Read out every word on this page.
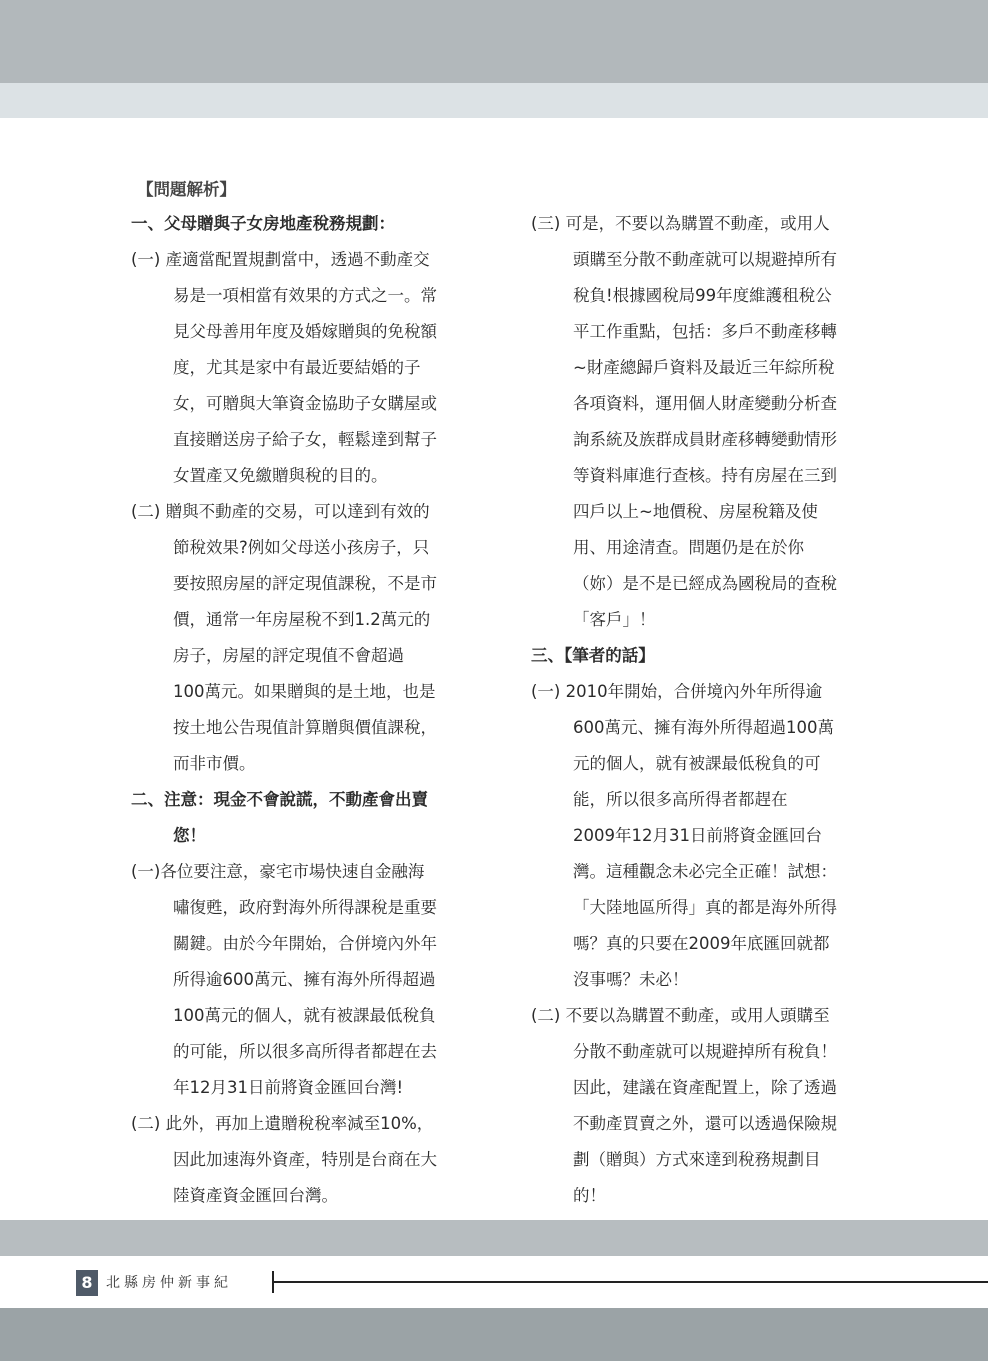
【問題解析】
一、父母贈與子女房地產稅務規劃：
(一) 產適當配置規劃當中，透過不動產交
易是一項相當有效果的方式之一。常
見父母善用年度及婚嫁贈與的免稅額
度，尤其是家中有最近要結婚的子
女，可贈與大筆資金協助子女購屋或
直接贈送房子給子女，輕鬆達到幫子
女置產又免繳贈與稅的目的。
(二) 贈與不動產的交易，可以達到有效的
節稅效果?例如父母送小孩房子，只
要按照房屋的評定現值課稅，不是市
價，通常一年房屋稅不到1.2萬元的
房子，房屋的評定現值不會超過
100萬元。如果贈與的是土地，也是
按土地公告現值計算贈與價值課稅，
而非市價。
二、注意：現金不會說謊，不動產會出賣
您！
(一)各位要注意，豪宅市場快速自金融海
嘯復甦，政府對海外所得課稅是重要
關鍵。由於今年開始，合併境內外年
所得逾600萬元、擁有海外所得超過
100萬元的個人，就有被課最低稅負
的可能，所以很多高所得者都趕在去
年12月31日前將資金匯回台灣!
(二) 此外，再加上遺贈稅稅率減至10%，
因此加速海外資產，特別是台商在大
陸資產資金匯回台灣。
(三) 可是，不要以為購置不動產，或用人
頭購至分散不動產就可以規避掉所有
稅負!根據國稅局99年度維護租稅公
平工作重點，包括：多戶不動產移轉
~財產總歸戶資料及最近三年綜所稅
各項資料，運用個人財產變動分析查
詢系統及族群成員財產移轉變動情形
等資料庫進行查核。持有房屋在三到
四戶以上~地價稅、房屋稅籍及使
用、用途清查。問題仍是在於你
（妳）是不是已經成為國稅局的查稅
「客戶」！
三、【筆者的話】
(一) 2010年開始，合併境內外年所得逾
600萬元、擁有海外所得超過100萬
元的個人，就有被課最低稅負的可
能，所以很多高所得者都趕在
2009年12月31日前將資金匯回台
灣。這種觀念未必完全正確！試想：
「大陸地區所得」真的都是海外所得
嗎？真的只要在2009年底匯回就都
沒事嗎？未必！
(二) 不要以為購置不動產，或用人頭購至
分散不動產就可以規避掉所有稅負！
因此，建議在資產配置上，除了透過
不動產買賣之外，還可以透過保險規
劃（贈與）方式來達到稅務規劃目
的！
8 北縣房仲新事紀
